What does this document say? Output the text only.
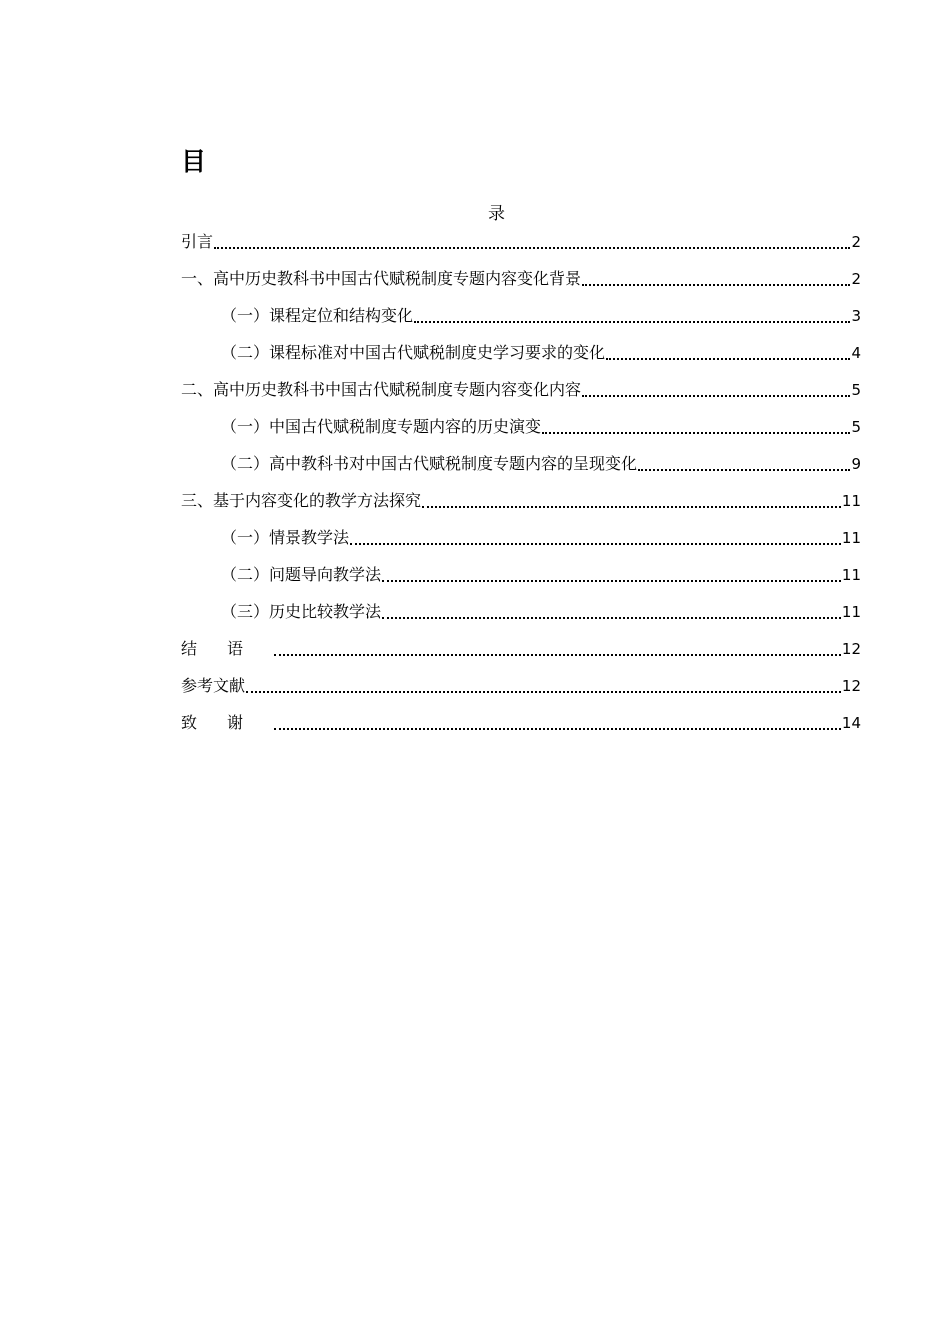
目
录
引言	2
一、高中历史教科书中国古代赋税制度专题内容变化背景	2
（一）课程定位和结构变化	3
（二）课程标准对中国古代赋税制度史学习要求的变化	4
二、高中历史教科书中国古代赋税制度专题内容变化内容	5
（一）中国古代赋税制度专题内容的历史演变	5
（二）高中教科书对中国古代赋税制度专题内容的呈现变化	9
三、基于内容变化的教学方法探究	11
（一）情景教学法	11
（二）问题导向教学法	11
（三）历史比较教学法	11
结语	12
参考文献	12
致谢	14
